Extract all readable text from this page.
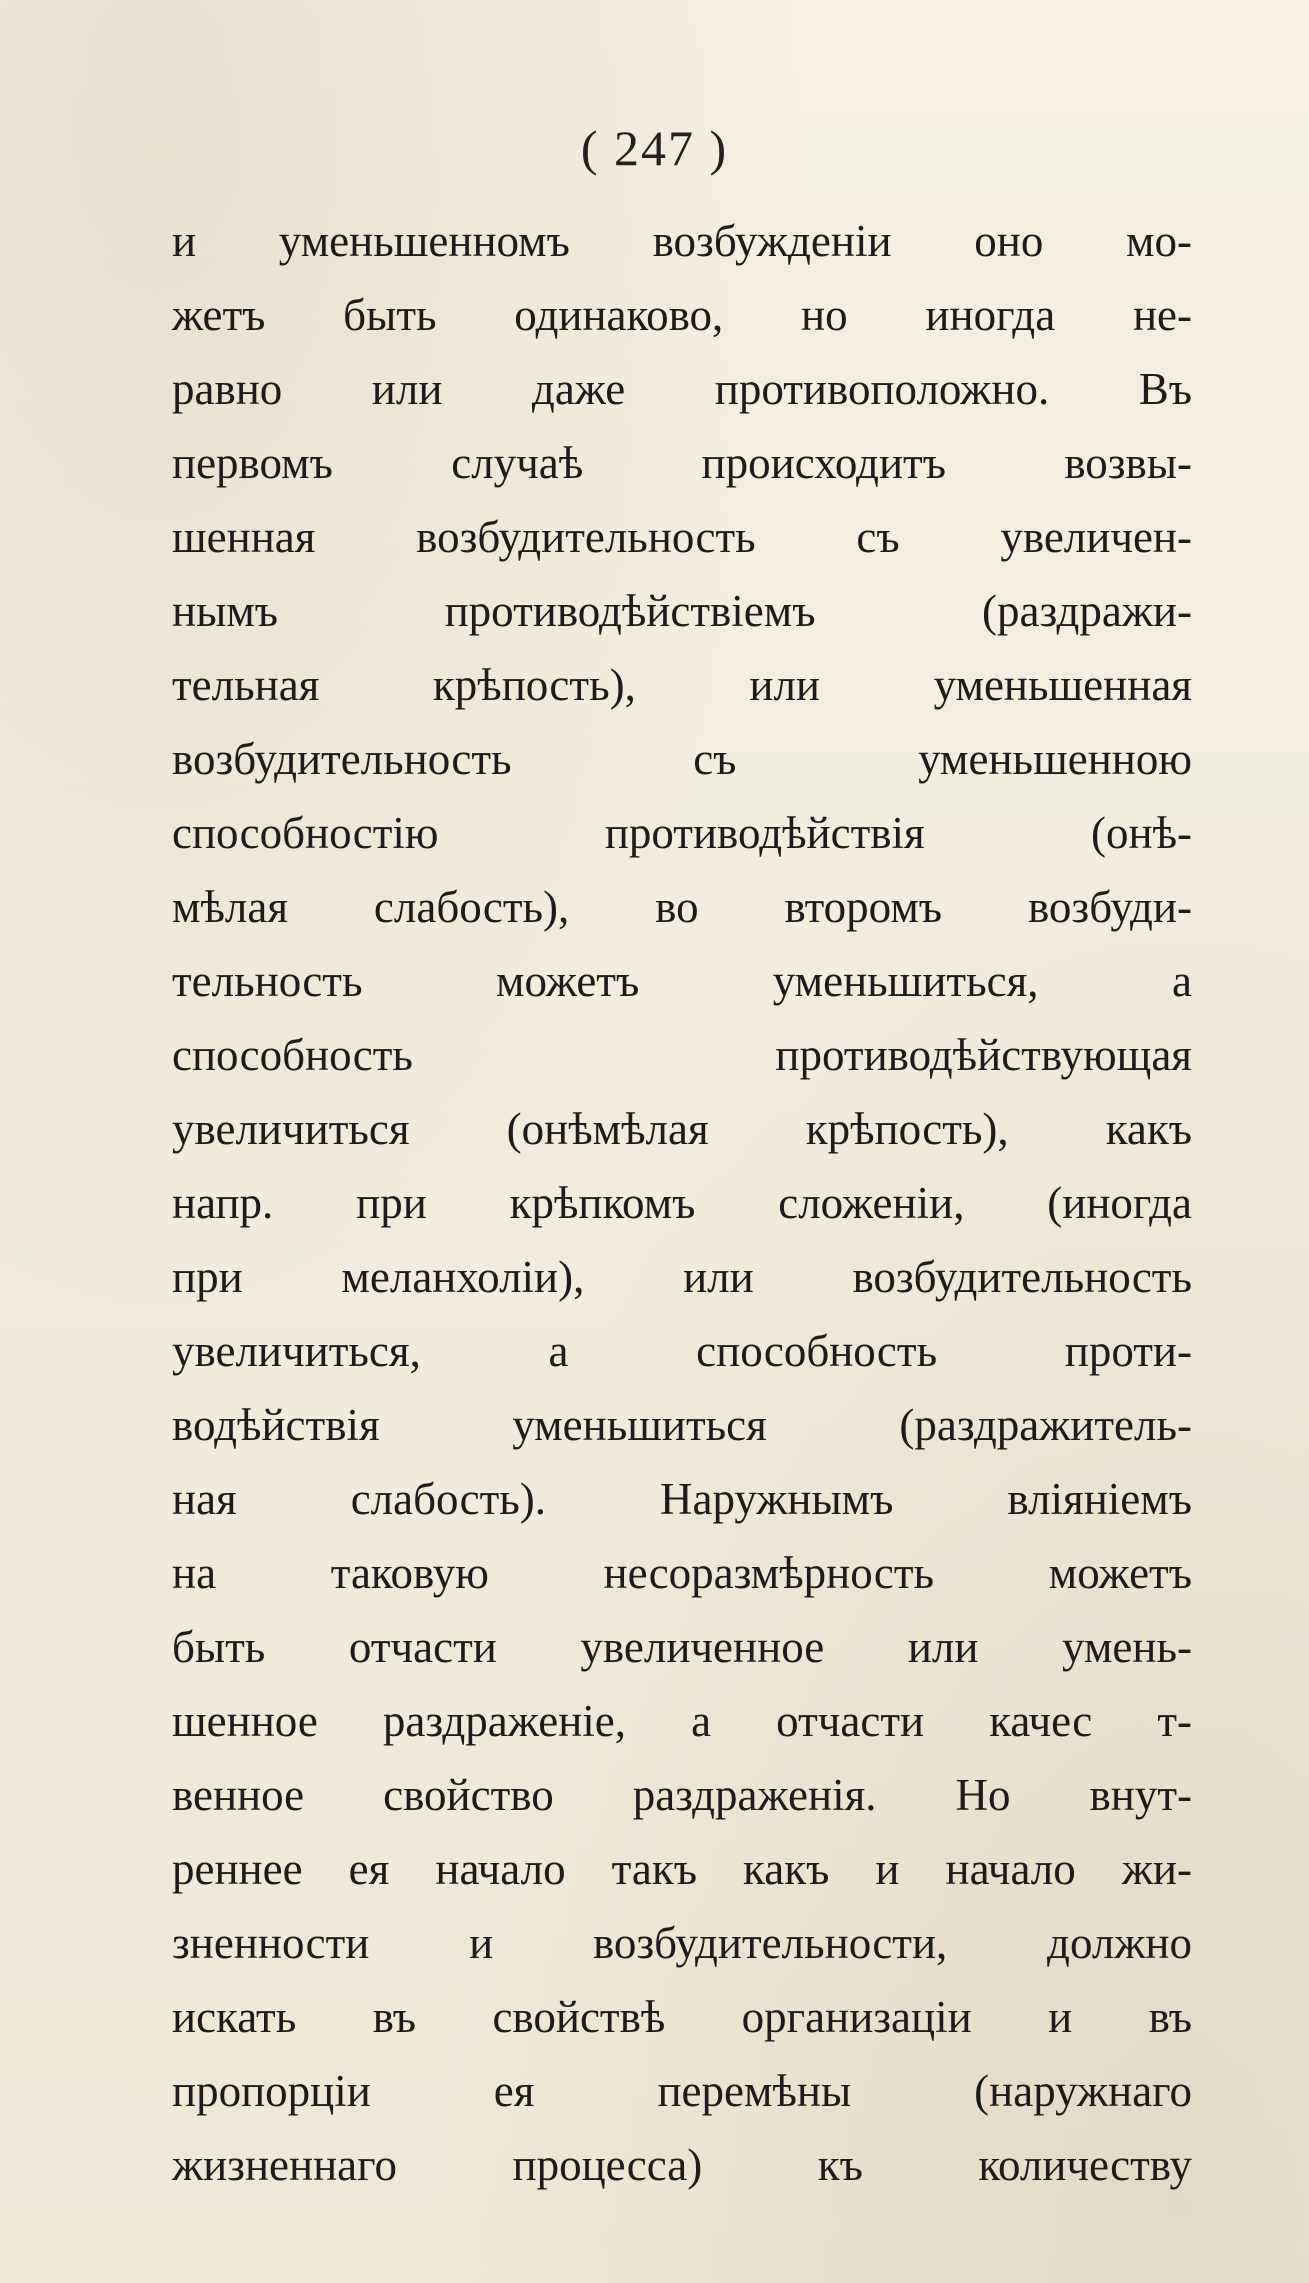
( 247 )
и уменьшенномъ возбужденіи оно мо-
жетъ быть одинаково, но иногда не-
равно или даже противоположно. Въ
первомъ случаѣ происходитъ возвы-
шенная возбудительность съ увеличен-
нымъ противодѣйствіемъ (раздражи-
тельная крѣпость), или уменьшенная
возбудительность съ уменьшенною
способностію противодѣйствія (онѣ-
мѣлая слабость), во второмъ возбуди-
тельность можетъ уменьшиться, а
способность противодѣйствующая
увеличиться (онѣмѣлая крѣпость), какъ
напр. при крѣпкомъ сложеніи, (иногда
при меланхоліи), или возбудительность
увеличиться, а способность проти-
водѣйствія уменьшиться (раздражитель-
ная слабость). Наружнымъ вліяніемъ
на таковую несоразмѣрность можетъ
быть отчасти увеличенное или умень-
шенное раздраженіе, а отчасти качес т-
венное свойство раздраженія. Но внут-
реннее ея начало такъ какъ и начало жи-
зненности и возбудительности, должно
искать въ свойствѣ организаціи и въ
пропорціи ея перемѣны (наружнаго
жизненнаго процесса) къ количеству
